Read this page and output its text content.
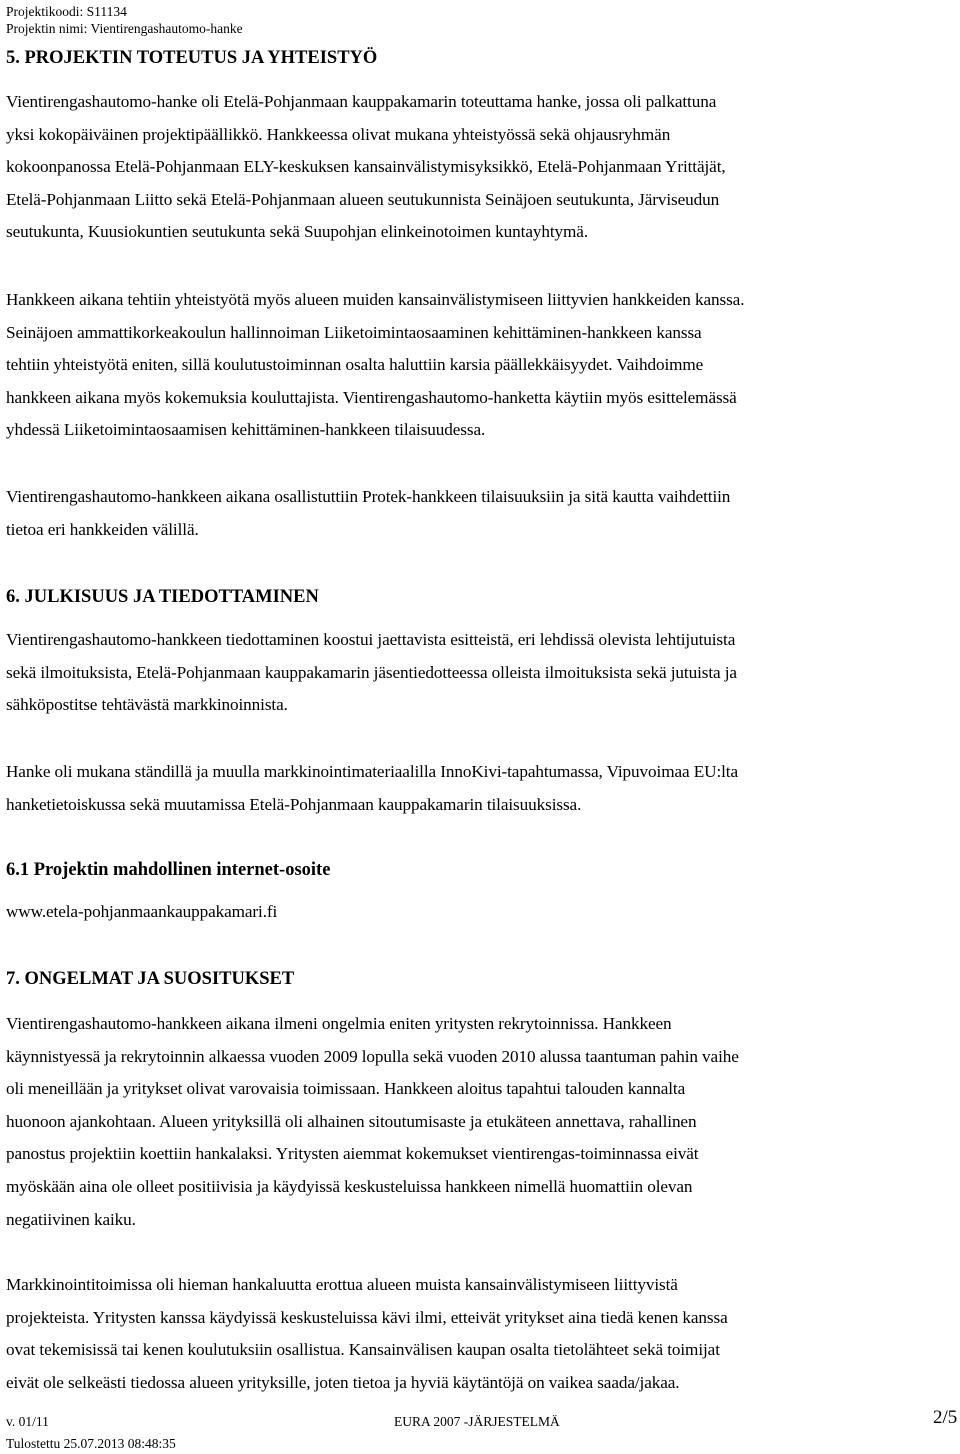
Projektikoodi: S11134
Projektin nimi: Vientirengashautomo-hanke
5. PROJEKTIN TOTEUTUS JA YHTEISTYÖ
Vientirengashautomo-hanke oli Etelä-Pohjanmaan kauppakamarin toteuttama hanke, jossa oli palkattuna
yksi kokopäiväinen projektipäällikkö. Hankkeessa olivat mukana yhteistyössä sekä ohjausryhmän
kokoonpanossa Etelä-Pohjanmaan ELY-keskuksen kansainvälistymisyksikkö, Etelä-Pohjanmaan Yrittäjät,
Etelä-Pohjanmaan Liitto sekä Etelä-Pohjanmaan alueen seutukunnista Seinäjoen seutukunta, Järviseudun
seutukunta, Kuusiokuntien seutukunta sekä Suupohjan elinkeinotoimen kuntayhtymä.
Hankkeen aikana tehtiin yhteistyötä myös alueen muiden kansainvälistymiseen liittyvien hankkeiden kanssa.
Seinäjoen ammattikorkeakoulun hallinnoiman Liiketoimintaosaaminen kehittäminen-hankkeen kanssa
tehtiin yhteistyötä eniten, sillä koulutustoiminnan osalta haluttiin karsia päällekkäisyydet. Vaihdoimme
hankkeen aikana myös kokemuksia kouluttajista. Vientirengashautomo-hanketta käytiin myös esittelemässä
yhdessä Liiketoimintaosaamisen kehittäminen-hankkeen tilaisuudessa.
Vientirengashautomo-hankkeen aikana osallistuttiin Protek-hankkeen tilaisuuksiin ja sitä kautta vaihdettiin
tietoa eri hankkeiden välillä.
6. JULKISUUS JA TIEDOTTAMINEN
Vientirengashautomo-hankkeen tiedottaminen koostui jaettavista esitteistä, eri lehdissä olevista lehtijutuista
sekä ilmoituksista, Etelä-Pohjanmaan kauppakamarin jäsentiedotteessa olleista ilmoituksista sekä jutuista ja
sähköpostitse tehtävästä markkinoinnista.
Hanke oli mukana ständillä ja muulla markkinointimateriaalilla InnoKivi-tapahtumassa, Vipuvoimaa EU:lta
hanketietoiskussa sekä muutamissa Etelä-Pohjanmaan kauppakamarin tilaisuuksissa.
6.1 Projektin mahdollinen internet-osoite
www.etela-pohjanmaankauppakamari.fi
7. ONGELMAT JA SUOSITUKSET
Vientirengashautomo-hankkeen aikana ilmeni ongelmia eniten yritysten rekrytoinnissa. Hankkeen
käynnistyessä ja rekrytoinnin alkaessa vuoden 2009 lopulla sekä vuoden 2010 alussa taantuman pahin vaihe
oli meneillään ja yritykset olivat varovaisia toimissaan. Hankkeen aloitus tapahtui talouden kannalta
huonoon ajankohtaan. Alueen yrityksillä oli alhainen sitoutumisaste ja etukäteen annettava, rahallinen
panostus projektiin koettiin hankalaksi. Yritysten aiemmat kokemukset vientirengas-toiminnassa eivät
myöskään aina ole olleet positiivisia ja käydyissä keskusteluissa hankkeen nimellä huomattiin olevan
negatiivinen kaiku.
Markkinointitoimissa oli hieman hankaluutta erottua alueen muista kansainvälistymiseen liittyvistä
projekteista. Yritysten kanssa käydyissä keskusteluissa kävi ilmi, etteivät yritykset aina tiedä kenen kanssa
ovat tekemisissä tai kenen koulutuksiin osallistua. Kansainvälisen kaupan osalta tietolähteet sekä toimijat
eivät ole selkeästi tiedossa alueen yrityksille, joten tietoa ja hyviä käytäntöjä on vaikea saada/jakaa.
v. 01/11	EURA 2007 -JÄRJESTELMÄ	2/5
Tulostettu 25.07.2013 08:48:35
